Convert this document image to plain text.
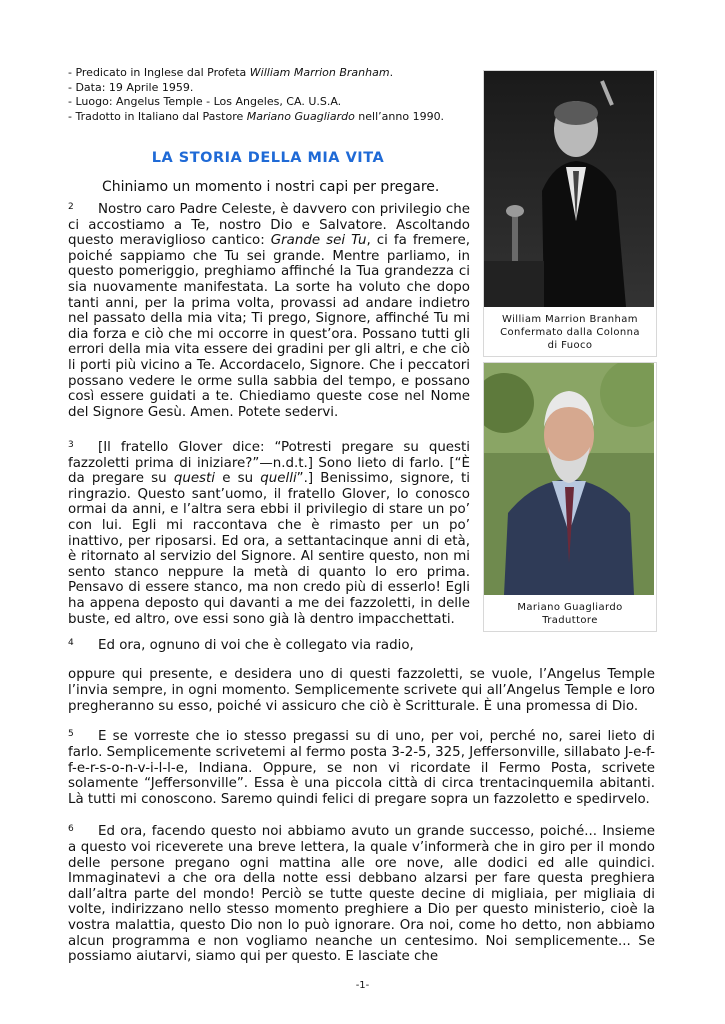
- Predicato in Inglese dal Profeta William Marrion Branham.
- Data: 19 Aprile 1959.
- Luogo: Angelus Temple - Los Angeles, CA. U.S.A.
- Tradotto in Italiano dal Pastore Mariano Guagliardo nell’anno 1990.
LA STORIA DELLA MIA VITA

Chiniamo un momento i nostri capi per pregare.

2 Nostro caro Padre Celeste, è davvero con privilegio che ci accostiamo a Te, nostro Dio e Salvatore. Ascoltando questo meraviglioso cantico: Grande sei Tu, ci fa fremere, poiché sappiamo che Tu sei grande. Mentre parliamo, in questo pomeriggio, preghiamo affinché la Tua grandezza ci sia nuovamente manifestata. La sorte ha voluto che dopo tanti anni, per la prima volta, provassi ad andare indietro nel passato della mia vita; Ti prego, Signore, affinché Tu mi dia forza e ciò che mi occorre in quest’ora. Possano tutti gli errori della mia vita essere dei gradini per gli altri, e che ciò li porti più vicino a Te. Accordacelo, Signore. Che i peccatori possano vedere le orme sulla sabbia del tempo, e possano così essere guidati a te. Chiediamo queste cose nel Nome del Signore Gesù. Amen. Potete sedervi.

3 [Il fratello Glover dice: “Potresti pregare su questi fazzoletti prima di iniziare?”—n.d.t.] Sono lieto di farlo. [“È da pregare su questi e su quelli”.] Benissimo, signore, ti ringrazio. Questo sant’uomo, il fratello Glover, lo conosco ormai da anni, e l’altra sera ebbi il privilegio di stare un po’ con lui. Egli mi raccontava che è rimasto per un po’ inattivo, per riposarsi. Ed ora, a settantacinque anni di età, è ritornato al servizio del Signore. Al sentire questo, non mi sento stanco neppure la metà di quanto lo ero prima. Pensavo di essere stanco, ma non credo più di esserlo! Egli ha appena deposto qui davanti a me dei fazzoletti, in delle buste, ed altro, ove essi sono già là dentro impacchettati.

4 Ed ora, ognuno di voi che è collegato via radio,

oppure qui presente, e desidera uno di questi fazzoletti, se vuole, l’Angelus Temple l’invia sempre, in ogni momento. Semplicemente scrivete qui all’Angelus Temple e loro pregheranno su esso, poiché vi assicuro che ciò è Scritturale. È una promessa di Dio.

5 E se vorreste che io stesso pregassi su di uno, per voi, perché no, sarei lieto di farlo. Semplicemente scrivetemi al fermo posta 3-2-5, 325, Jeffersonville, sillabato J-e-f-f-e-r-s-o-n-v-i-l-l-e, Indiana. Oppure, se non vi ricordate il Fermo Posta, scrivete solamente “Jeffersonville”. Essa è una piccola città di circa trentacinquemila abitanti. Là tutti mi conoscono. Saremo quindi felici di pregare sopra un fazzoletto e spedirvelo.

6 Ed ora, facendo questo noi abbiamo avuto un grande successo, poiché... Insieme a questo voi riceverete una breve lettera, la quale v’informerà che in giro per il mondo delle persone pregano ogni mattina alle ore nove, alle dodici ed alle quindici. Immaginatevi a che ora della notte essi debbano alzarsi per fare questa preghiera dall’altra parte del mondo! Perciò se tutte queste decine di migliaia, per migliaia di volte, indirizzano nello stesso momento preghiere a Dio per questo ministerio, cioè la vostra malattia, questo Dio non lo può ignorare. Ora noi, come ho detto, non abbiamo alcun programma e non vogliamo neanche un centesimo. Noi semplicemente... Se possiamo aiutarvi, siamo qui per questo. E lasciate che

William Marrion Branham
Confermato dalla Colonna
di Fuoco
Mariano Guagliardo
Traduttore
-1-
